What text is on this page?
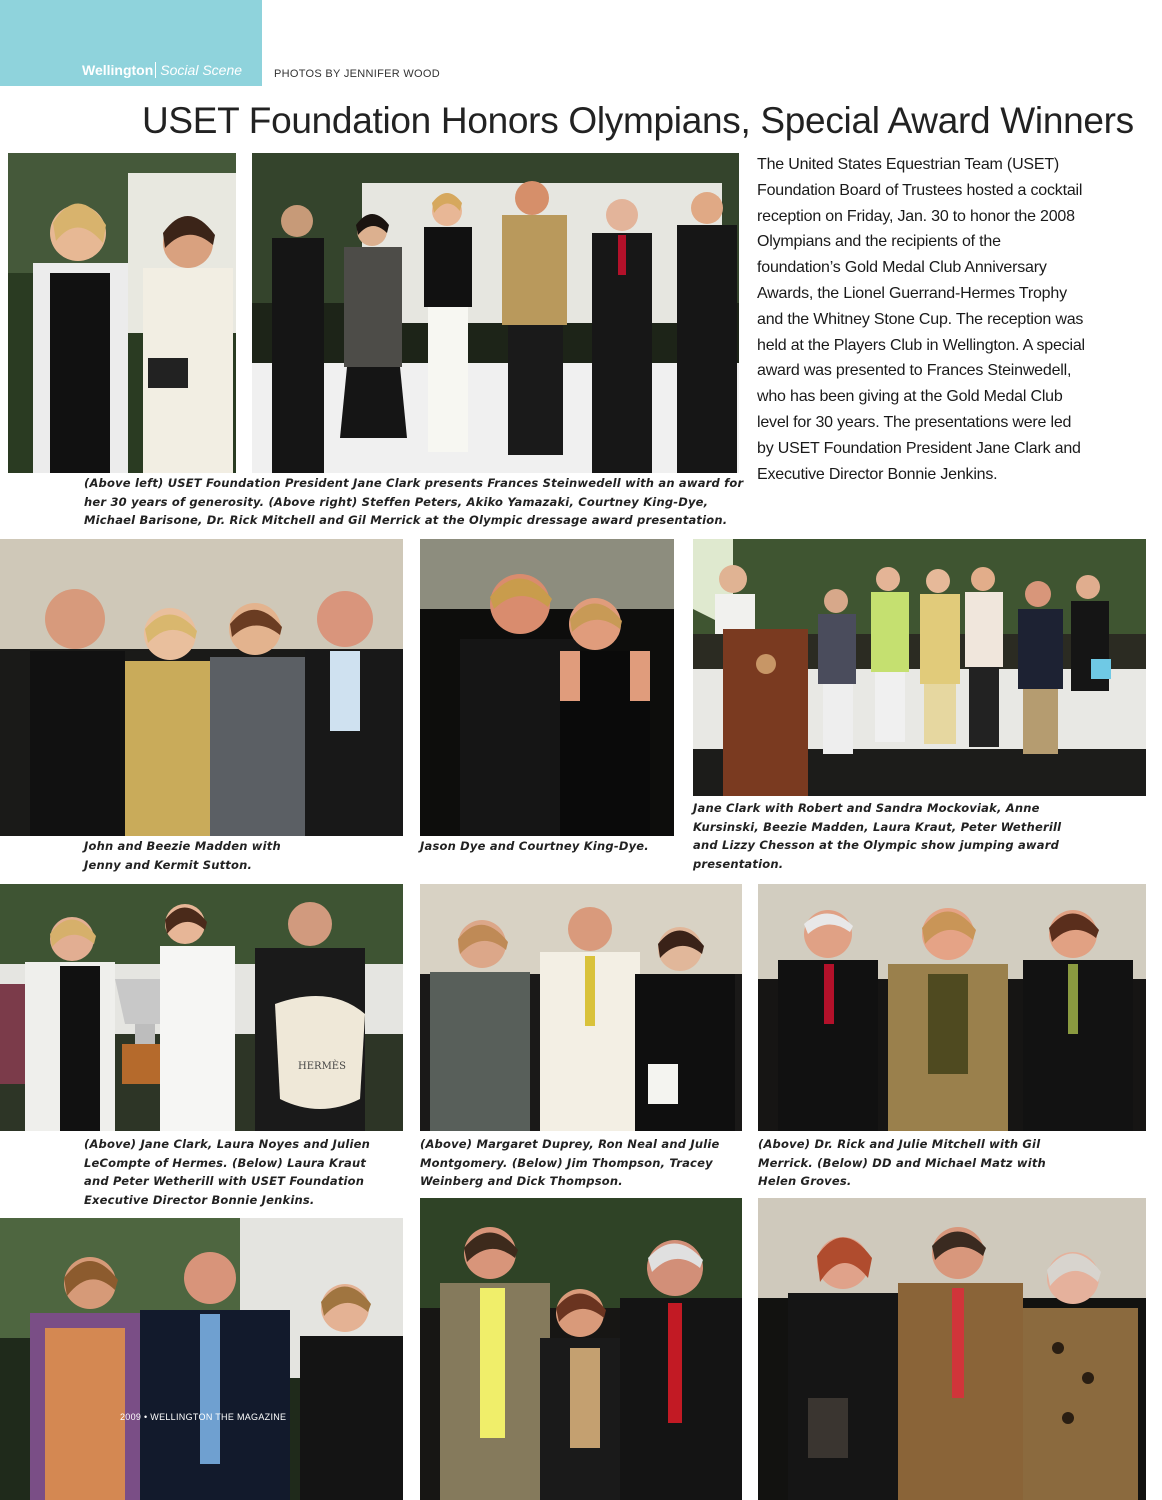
Wellington Social Scene	PHOTOS BY JENNIFER WOOD
USET Foundation Honors Olympians, Special Award Winners
(Above left) USET Foundation President Jane Clark presents Frances Steinwedell with an award for her 30 years of generosity. (Above right) Steffen Peters, Akiko Yamazaki, Courtney King-Dye, Michael Barisone, Dr. Rick Mitchell and Gil Merrick at the Olympic dressage award presentation.
The United States Equestrian Team (USET) Foundation Board of Trustees hosted a cocktail reception on Friday, Jan. 30 to honor the 2008 Olympians and the recipients of the foundation’s Gold Medal Club Anniversary Awards, the Lionel Guerrand-Hermes Trophy and the Whitney Stone Cup. The reception was held at the Players Club in Wellington. A special award was presented to Frances Steinwedell, who has been giving at the Gold Medal Club level for 30 years. The presentations were led by USET Foundation President Jane Clark and Executive Director Bonnie Jenkins.
John and Beezie Madden with Jenny and Kermit Sutton.
Jason Dye and Courtney King-Dye.
Jane Clark with Robert and Sandra Mockoviak, Anne Kursinski, Beezie Madden, Laura Kraut, Peter Wetherill and Lizzy Chesson at the Olympic show jumping award presentation.
HERMÈS
(Above) Jane Clark, Laura Noyes and Julien LeCompte of Hermes. (Below) Laura Kraut and Peter Wetherill with USET Foundation Executive Director Bonnie Jenkins.
(Above) Margaret Duprey, Ron Neal and Julie Montgomery. (Below) Jim Thompson, Tracey Weinberg and Dick Thompson.
(Above) Dr. Rick and Julie Mitchell with Gil Merrick. (Below) DD and Michael Matz with Helen Groves.
2009 • WELLINGTON THE MAGAZINE
